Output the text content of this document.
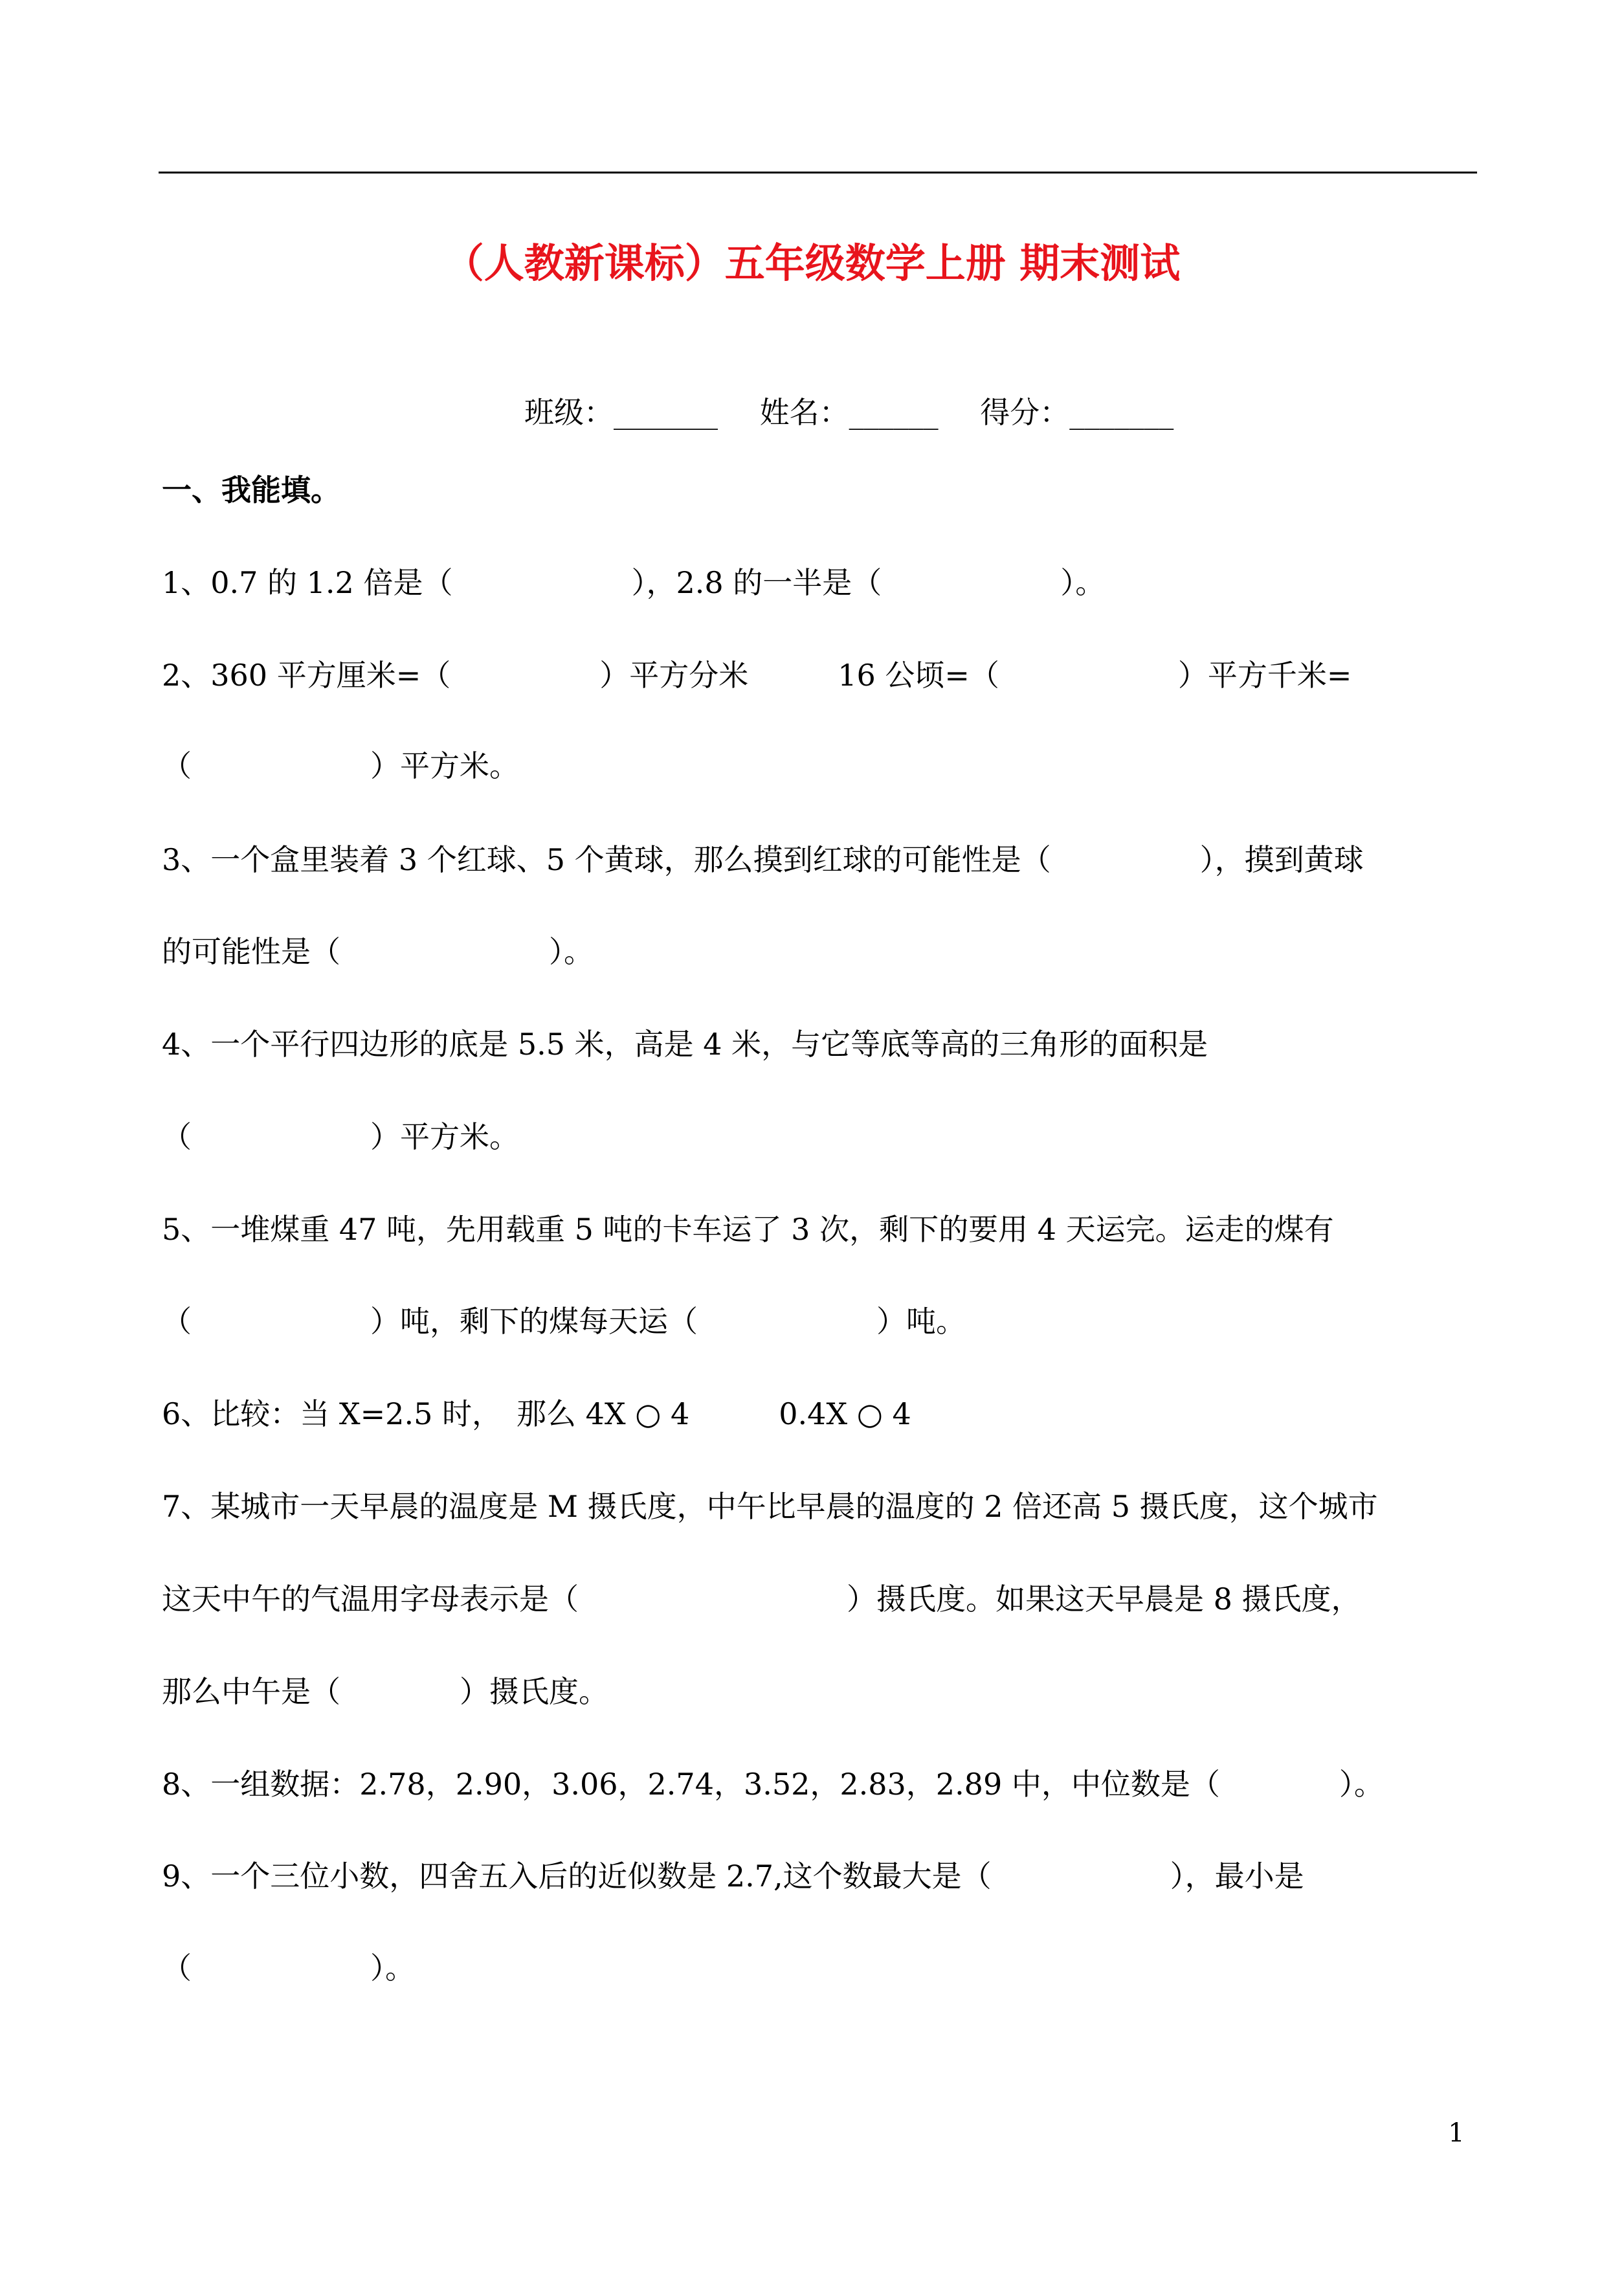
（人教新课标）五年级数学上册 期末测试
班级：_______ 姓名：______ 得分：_______
一、我能填。
1、0.7 的 1.2 倍是（　　　　　　），2.8 的一半是（　　　　　　）。
2、360 平方厘米=（　　　　　）平方分米　　　16 公顷=（　　　　　　）平方千米=
（　　　　　　）平方米。
3、一个盒里装着 3 个红球、5 个黄球，那么摸到红球的可能性是（　　　　　），摸到黄球
的可能性是（　　　　　　　）。
4、一个平行四边形的底是 5.5 米，高是 4 米，与它等底等高的三角形的面积是
（　　　　　　）平方米。
5、一堆煤重 47 吨，先用载重 5 吨的卡车运了 3 次，剩下的要用 4 天运完。运走的煤有
（　　　　　　）吨，剩下的煤每天运（　　　　　　）吨。
6、比较：当 X=2.5 时，　那么 4X ○ 4　　　0.4X ○ 4
7、某城市一天早晨的温度是 M 摄氏度，中午比早晨的温度的 2 倍还高 5 摄氏度，这个城市
这天中午的气温用字母表示是（　　　　　　　　　）摄氏度。如果这天早晨是 8 摄氏度，
那么中午是（　　　　）摄氏度。
8、一组数据：2.78，2.90，3.06，2.74，3.52，2.83，2.89 中，中位数是（　　　　）。
9、一个三位小数，四舍五入后的近似数是 2.7,这个数最大是（　　　　　　），最小是
（　　　　　　）。
1
